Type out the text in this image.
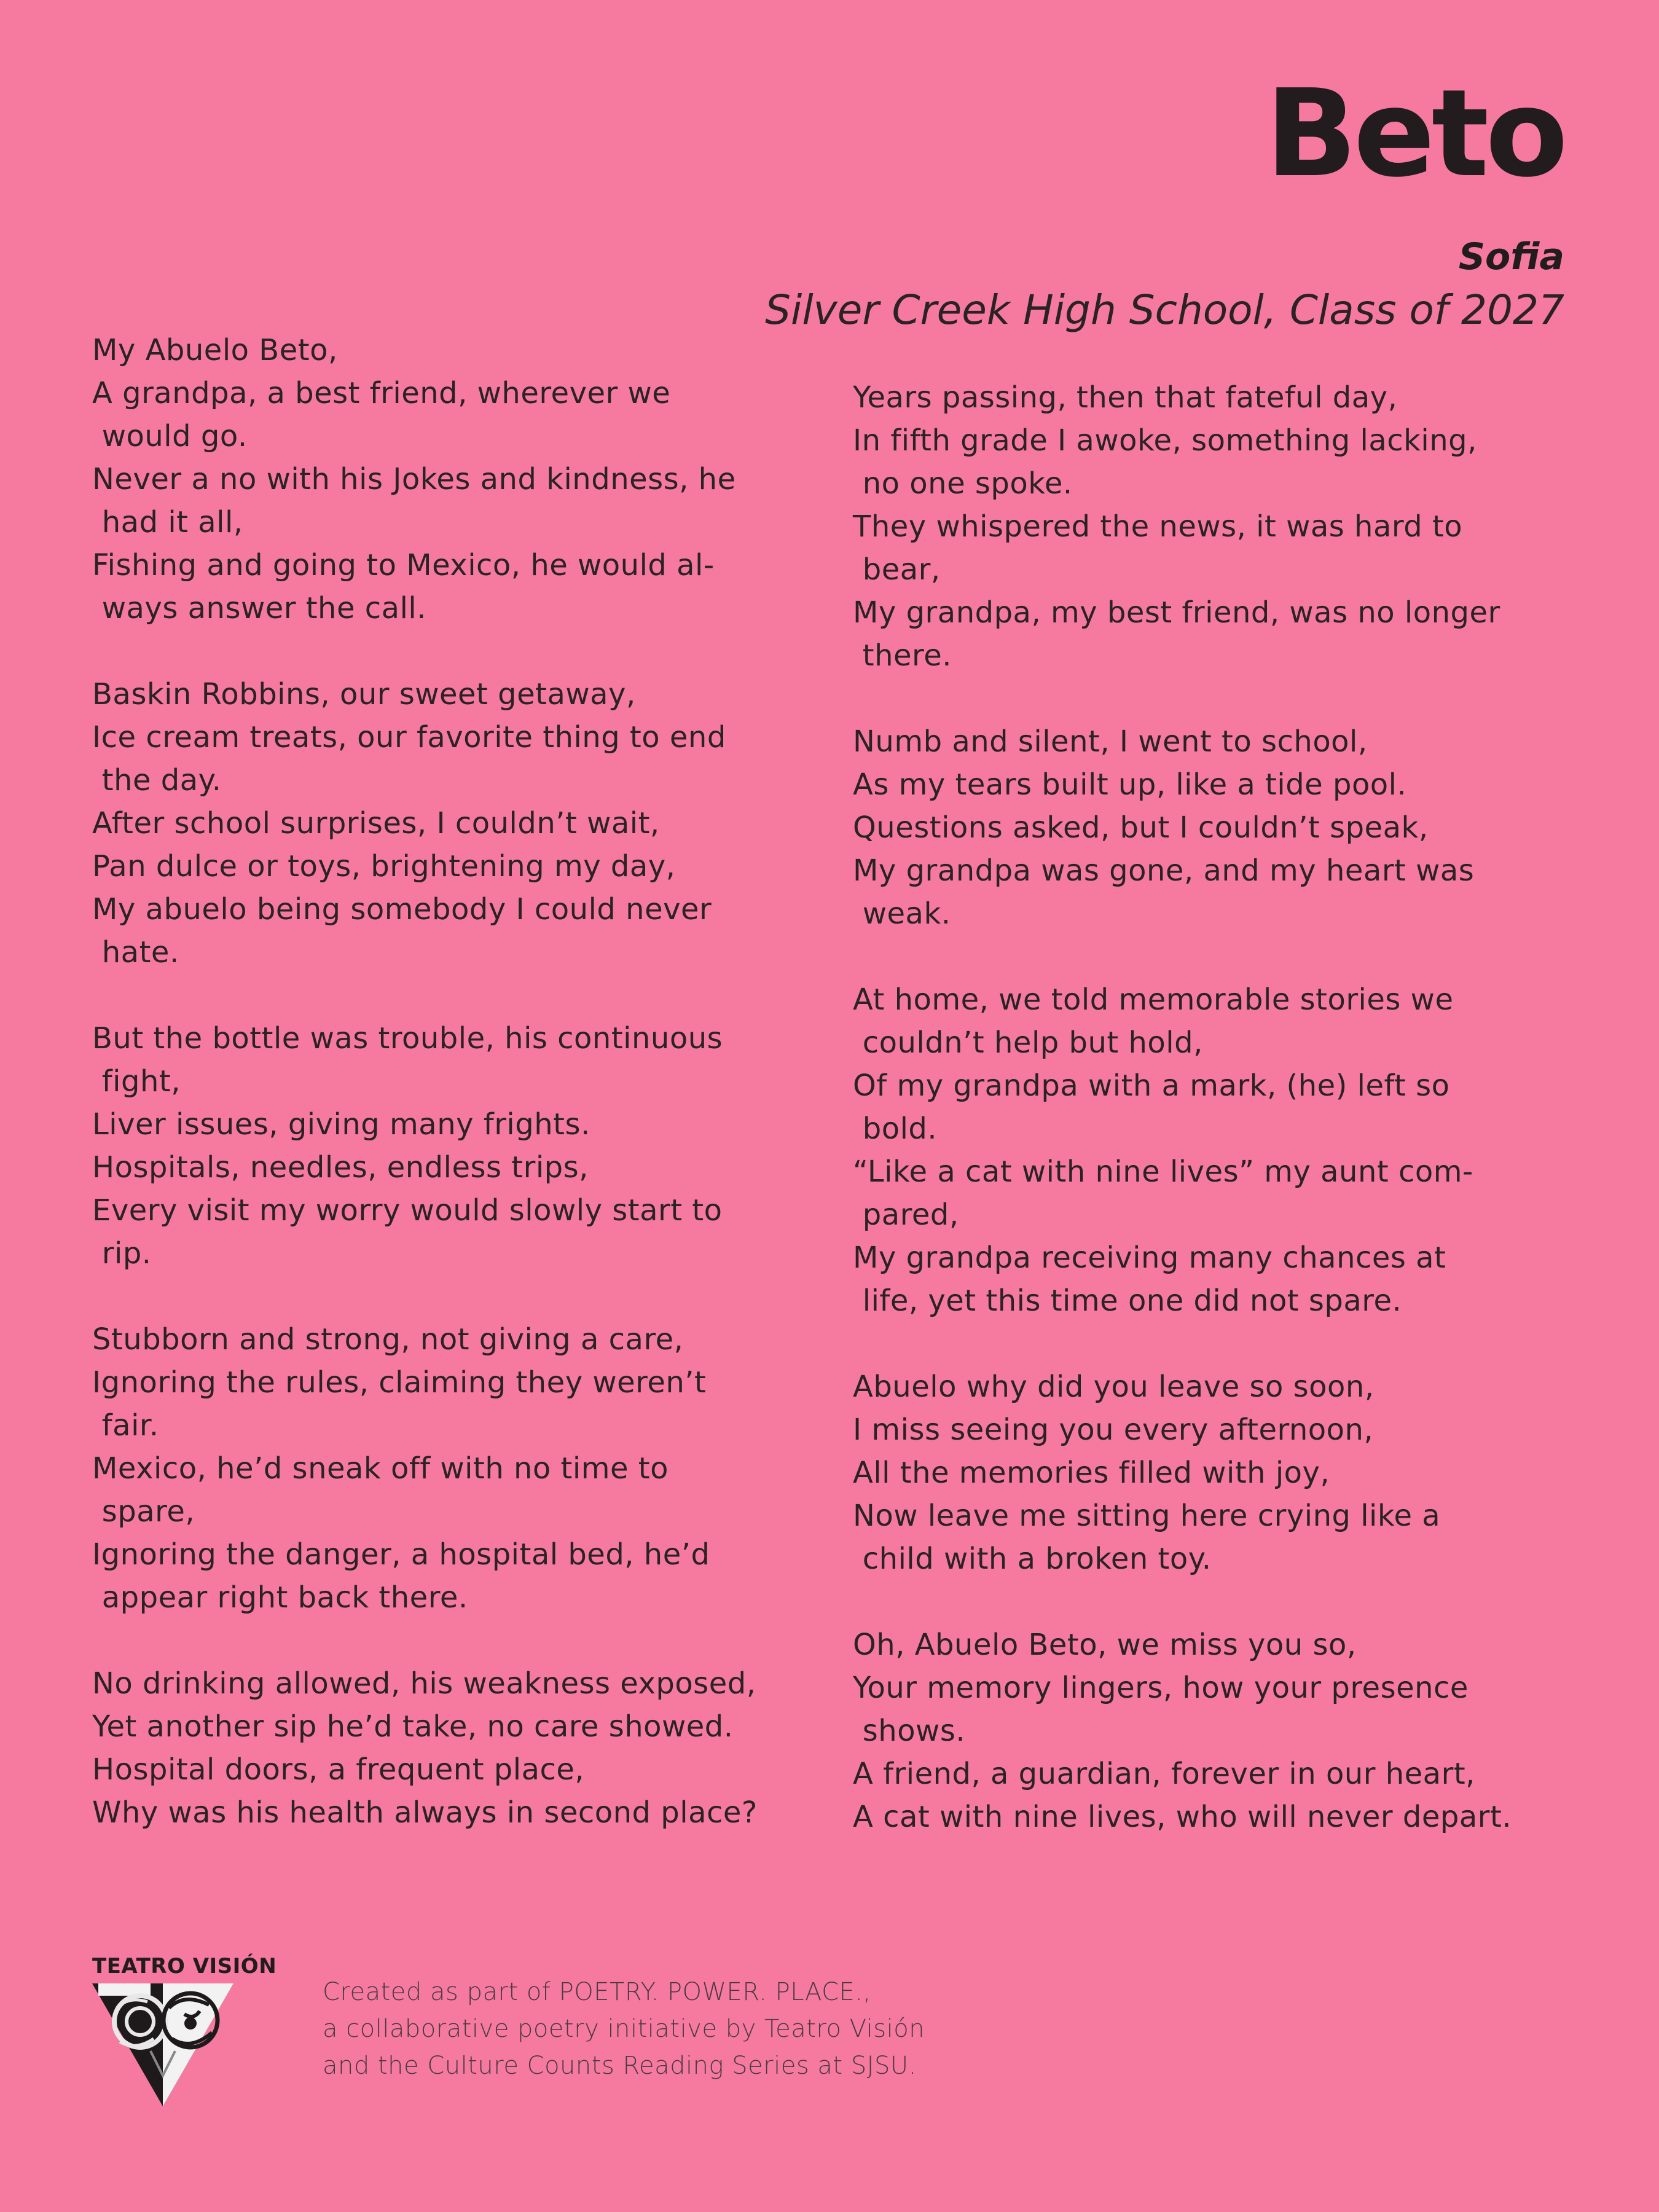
Beto
Sofia
Silver Creek High School, Class of 2027
My Abuelo Beto,
A grandpa, a best friend, wherever we
would go.
Never a no with his Jokes and kindness, he
had it all,
Fishing and going to Mexico, he would al-
ways answer the call.
Baskin Robbins, our sweet getaway,
Ice cream treats, our favorite thing to end
the day.
After school surprises, I couldn’t wait,
Pan dulce or toys, brightening my day,
My abuelo being somebody I could never
hate.
But the bottle was trouble, his continuous
fight,
Liver issues, giving many frights.
Hospitals, needles, endless trips,
Every visit my worry would slowly start to
rip.
Stubborn and strong, not giving a care,
Ignoring the rules, claiming they weren’t
fair.
Mexico, he’d sneak off with no time to
spare,
Ignoring the danger, a hospital bed, he’d
appear right back there.
No drinking allowed, his weakness exposed,
Yet another sip he’d take, no care showed.
Hospital doors, a frequent place,
Why was his health always in second place?
Years passing, then that fateful day,
In fifth grade I awoke, something lacking,
no one spoke.
They whispered the news, it was hard to
bear,
My grandpa, my best friend, was no longer
there.
Numb and silent, I went to school,
As my tears built up, like a tide pool.
Questions asked, but I couldn’t speak,
My grandpa was gone, and my heart was
weak.
At home, we told memorable stories we
couldn’t help but hold,
Of my grandpa with a mark, (he) left so
bold.
“Like a cat with nine lives” my aunt com-
pared,
My grandpa receiving many chances at
life, yet this time one did not spare.
Abuelo why did you leave so soon,
I miss seeing you every afternoon,
All the memories filled with joy,
Now leave me sitting here crying like a
child with a broken toy.
Oh, Abuelo Beto, we miss you so,
Your memory lingers, how your presence
shows.
A friend, a guardian, forever in our heart,
A cat with nine lives, who will never depart.
TEATRO VISIÓN
Created as part of POETRY. POWER. PLACE.,
a collaborative poetry initiative by Teatro Visión
and the Culture Counts Reading Series at SJSU.
